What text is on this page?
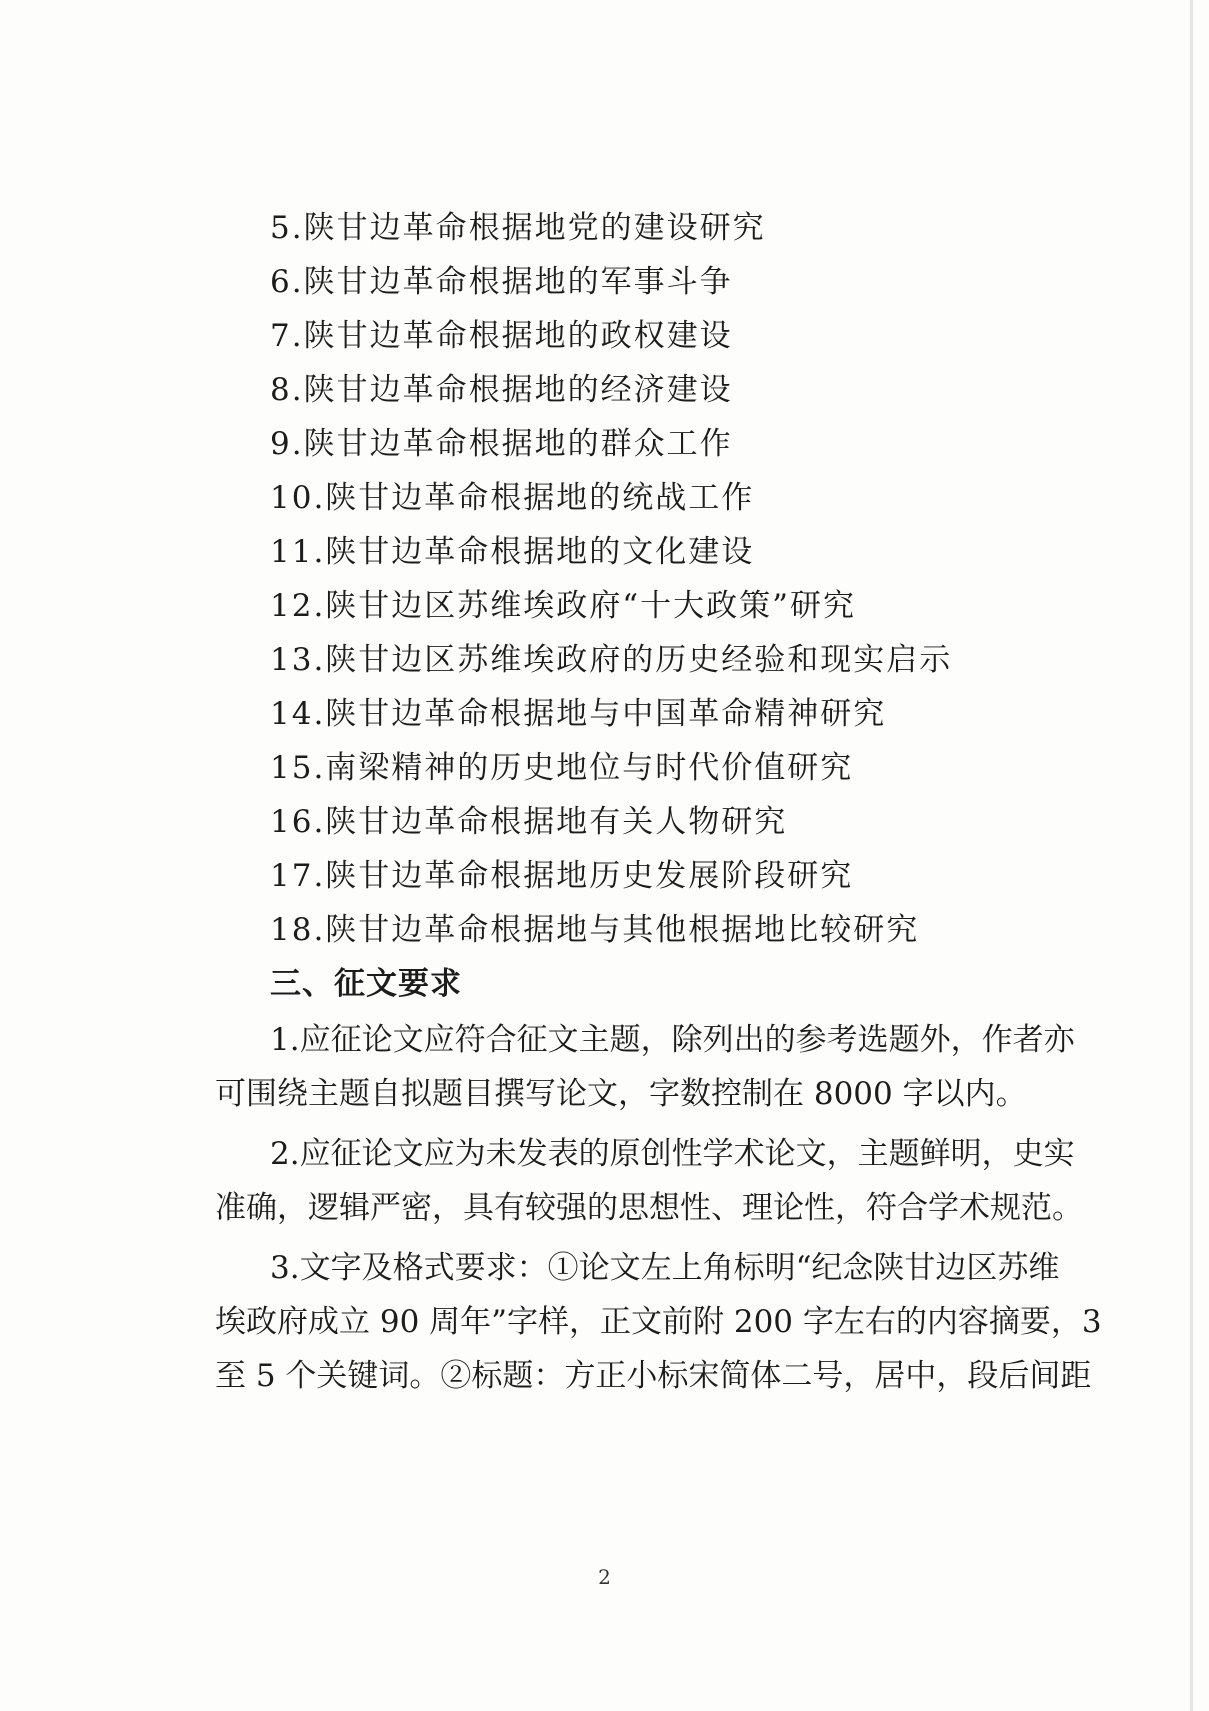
5.陕甘边革命根据地党的建设研究
6.陕甘边革命根据地的军事斗争
7.陕甘边革命根据地的政权建设
8.陕甘边革命根据地的经济建设
9.陕甘边革命根据地的群众工作
10.陕甘边革命根据地的统战工作
11.陕甘边革命根据地的文化建设
12.陕甘边区苏维埃政府“十大政策”研究
13.陕甘边区苏维埃政府的历史经验和现实启示
14.陕甘边革命根据地与中国革命精神研究
15.南梁精神的历史地位与时代价值研究
16.陕甘边革命根据地有关人物研究
17.陕甘边革命根据地历史发展阶段研究
18.陕甘边革命根据地与其他根据地比较研究
三、征文要求
1.应征论文应符合征文主题，除列出的参考选题外，作者亦
可围绕主题自拟题目撰写论文，字数控制在 8000 字以内。
2.应征论文应为未发表的原创性学术论文，主题鲜明，史实
准确，逻辑严密，具有较强的思想性、理论性，符合学术规范。
3.文字及格式要求：①论文左上角标明“纪念陕甘边区苏维
埃政府成立 90 周年”字样，正文前附 200 字左右的内容摘要，3
至 5 个关键词。②标题：方正小标宋简体二号，居中，段后间距
2
